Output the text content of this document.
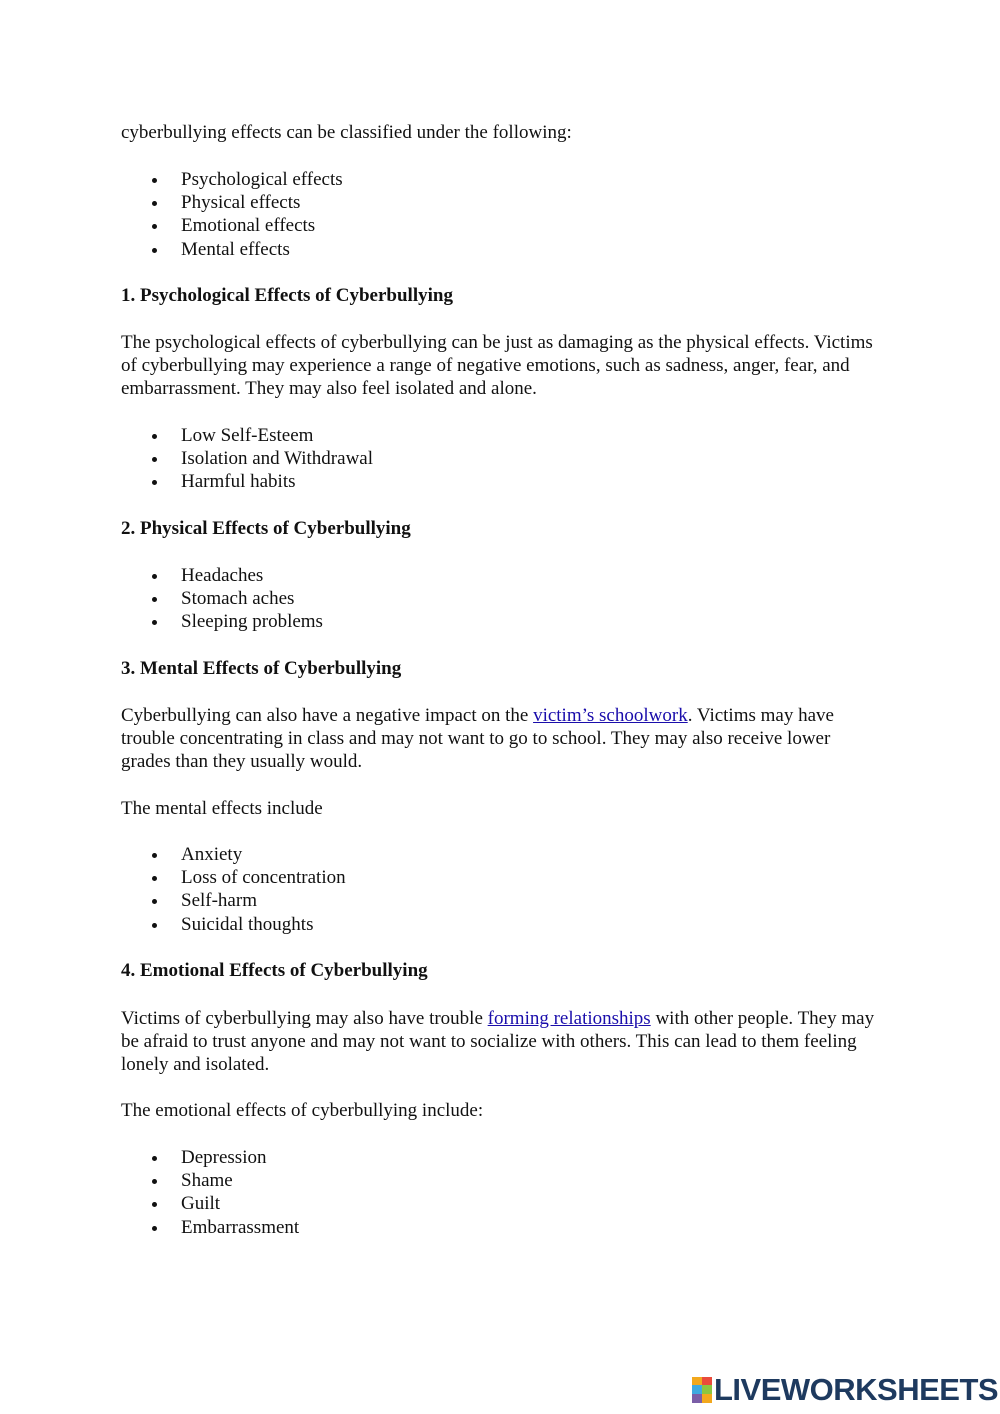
cyberbullying effects can be classified under the following:

Psychological effects
Physical effects
Emotional effects
Mental effects

1. Psychological Effects of Cyberbullying

The psychological effects of cyberbullying can be just as damaging as the physical effects. Victims of cyberbullying may experience a range of negative emotions, such as sadness, anger, fear, and embarrassment. They may also feel isolated and alone.

Low Self-Esteem
Isolation and Withdrawal
Harmful habits

2. Physical Effects of Cyberbullying

Headaches
Stomach aches
Sleeping problems

3. Mental Effects of Cyberbullying

Cyberbullying can also have a negative impact on the victim’s schoolwork. Victims may have trouble concentrating in class and may not want to go to school. They may also receive lower grades than they usually would.

The mental effects include

Anxiety
Loss of concentration
Self-harm
Suicidal thoughts

4. Emotional Effects of Cyberbullying

Victims of cyberbullying may also have trouble forming relationships with other people. They may be afraid to trust anyone and may not want to socialize with others. This can lead to them feeling lonely and isolated.

The emotional effects of cyberbullying include:

Depression
Shame
Guilt
Embarrassment
LIVEWORKSHEETS
